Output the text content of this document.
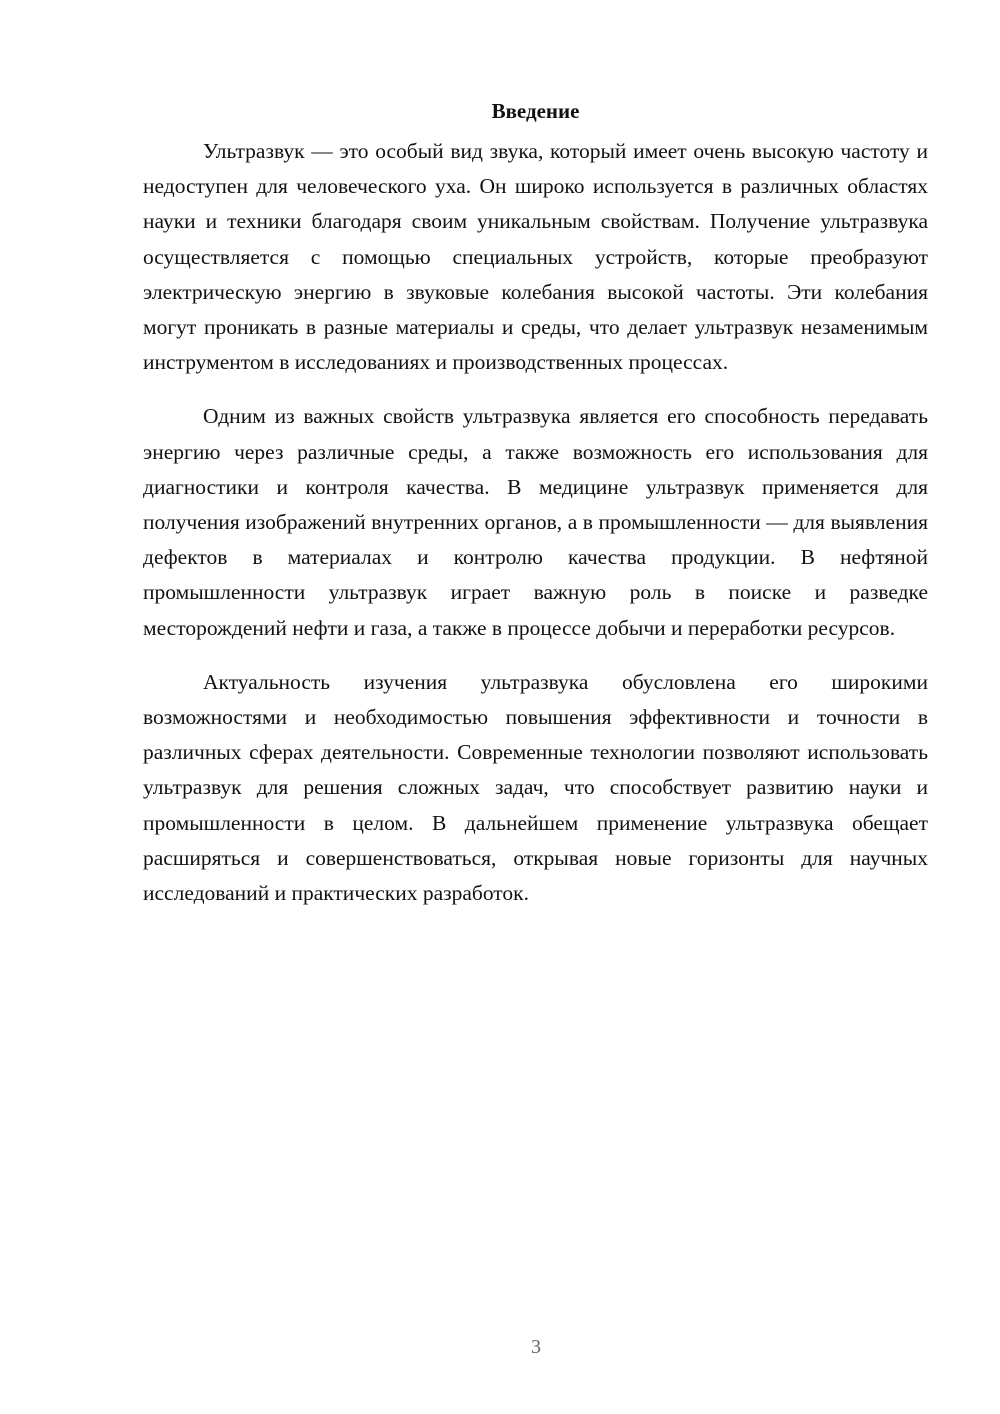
Введение

Ультразвук — это особый вид звука, который имеет очень высокую частоту и недоступен для человеческого уха. Он широко используется в различных областях науки и техники благодаря своим уникальным свойствам. Получение ультразвука осуществляется с помощью специальных устройств, которые преобразуют электрическую энергию в звуковые колебания высокой частоты. Эти колебания могут проникать в разные материалы и среды, что делает ультразвук незаменимым инструментом в исследованиях и производственных процессах.

Одним из важных свойств ультразвука является его способность передавать энергию через различные среды, а также возможность его использования для диагностики и контроля качества. В медицине ультразвук применяется для получения изображений внутренних органов, а в промышленности — для выявления дефектов в материалах и контролю качества продукции. В нефтяной промышленности ультразвук играет важную роль в поиске и разведке месторождений нефти и газа, а также в процессе добычи и переработки ресурсов.

Актуальность изучения ультразвука обусловлена его широкими возможностями и необходимостью повышения эффективности и точности в различных сферах деятельности. Современные технологии позволяют использовать ультразвук для решения сложных задач, что способствует развитию науки и промышленности в целом. В дальнейшем применение ультразвука обещает расширяться и совершенствоваться, открывая новые горизонты для научных исследований и практических разработок.

3
